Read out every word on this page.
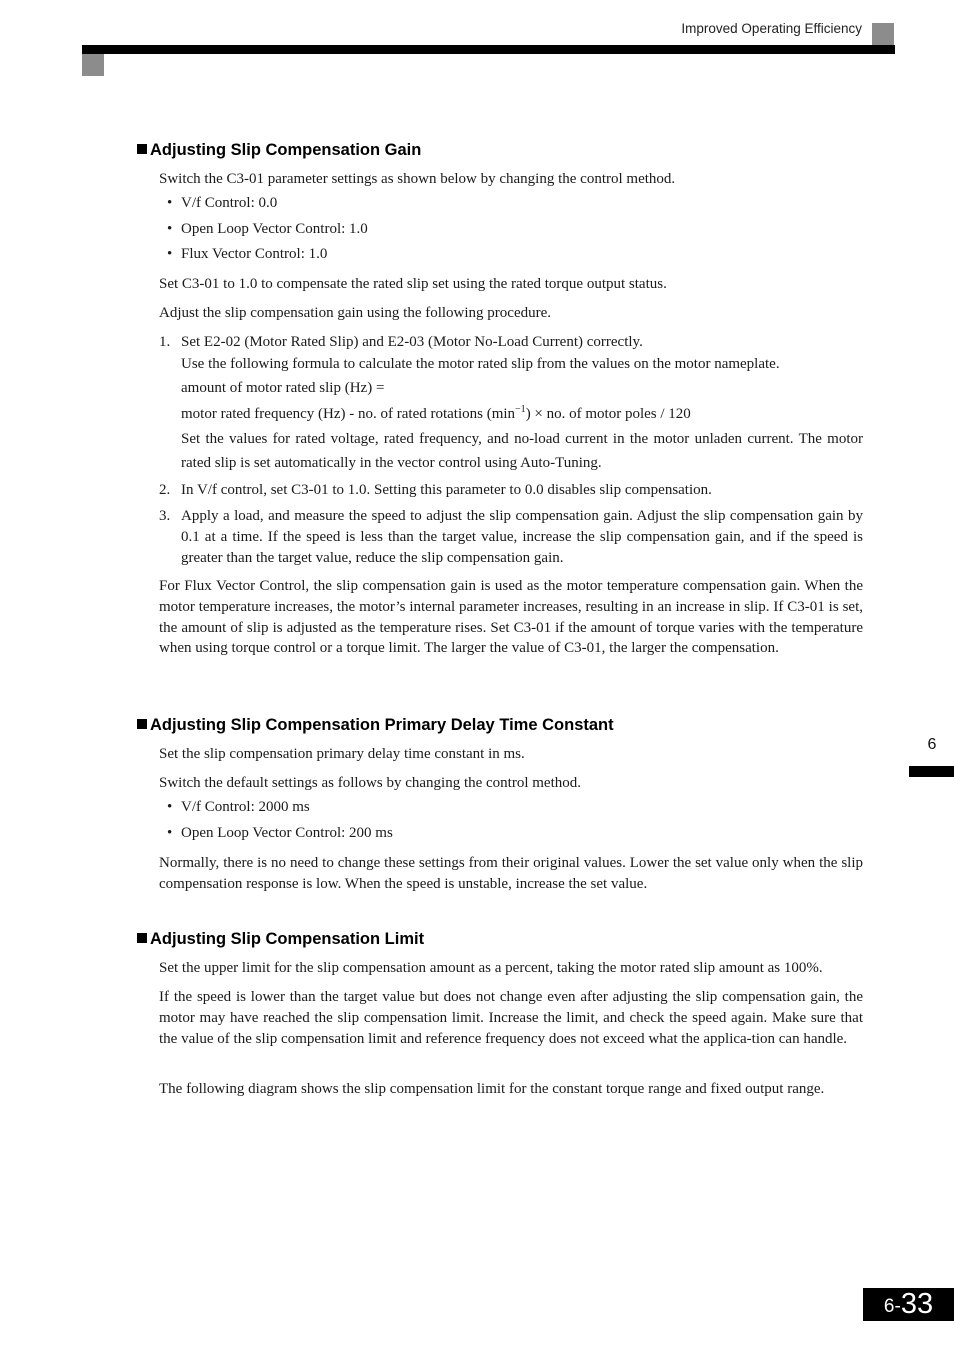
Improved Operating Efficiency
6
Adjusting Slip Compensation Gain

Switch the C3-01 parameter settings as shown below by changing the control method.

• V/f Control: 0.0
• Open Loop Vector Control: 1.0
• Flux Vector Control: 1.0

Set C3-01 to 1.0 to compensate the rated slip set using the rated torque output status.

Adjust the slip compensation gain using the following procedure.

1. Set E2-02 (Motor Rated Slip) and E2-03 (Motor No-Load Current) correctly.
Use the following formula to calculate the motor rated slip from the values on the motor nameplate.
amount of motor rated slip (Hz) =
motor rated frequency (Hz) - no. of rated rotations $(\min^{-1})$ × no. of motor poles / 120
Set the values for rated voltage, rated frequency, and no-load current in the motor unladen current. The motor rated slip is set automatically in the vector control using Auto-Tuning.
2. In V/f control, set C3-01 to 1.0. Setting this parameter to 0.0 disables slip compensation.
3. Apply a load, and measure the speed to adjust the slip compensation gain. Adjust the slip compensation gain by 0.1 at a time. If the speed is less than the target value, increase the slip compensation gain, and if the speed is greater than the target value, reduce the slip compensation gain.

For Flux Vector Control, the slip compensation gain is used as the motor temperature compensation gain. When the motor temperature increases, the motor’s internal parameter increases, resulting in an increase in slip. If C3-01 is set, the amount of slip is adjusted as the temperature rises. Set C3-01 if the amount of torque varies with the temperature when using torque control or a torque limit. The larger the value of C3-01, the larger the compensation.

Adjusting Slip Compensation Primary Delay Time Constant

Set the slip compensation primary delay time constant in ms.

Switch the default settings as follows by changing the control method.

• V/f Control: 2000 ms
• Open Loop Vector Control: 200 ms

Normally, there is no need to change these settings from their original values. Lower the set value only when the slip compensation response is low. When the speed is unstable, increase the set value.

Adjusting Slip Compensation Limit

Set the upper limit for the slip compensation amount as a percent, taking the motor rated slip amount as 100%.

If the speed is lower than the target value but does not change even after adjusting the slip compensation gain, the motor may have reached the slip compensation limit. Increase the limit, and check the speed again. Make sure that the value of the slip compensation limit and reference frequency does not exceed what the applica-tion can handle.

The following diagram shows the slip compensation limit for the constant torque range and fixed output range.

6- 33
